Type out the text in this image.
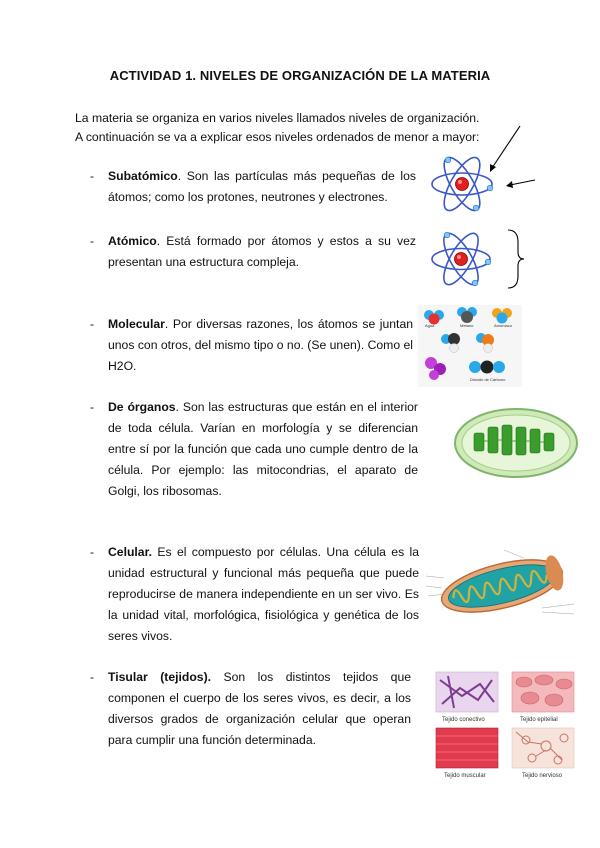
ACTIVIDAD 1. NIVELES DE ORGANIZACIÓN DE LA MATERIA
La materia se organiza en varios niveles llamados niveles de organización.
A continuación se va a explicar esos niveles ordenados de menor a mayor:
- Subatómico. Son las partículas más pequeñas de los átomos; como los protones, neutrones y electrones.
- Atómico. Está formado por átomos y estos a su vez presentan una estructura compleja.
- Molecular. Por diversas razones, los átomos se juntan unos con otros, del mismo tipo o no. (Se unen). Como el H2O.
- De órganos. Son las estructuras que están en el interior de toda célula. Varían en morfología y se diferencian entre sí por la función que cada uno cumple dentro de la célula. Por ejemplo: las mitocondrias, el aparato de Golgi, los ribosomas.
- Celular. Es el compuesto por células. Una célula es la unidad estructural y funcional más pequeña que puede reproducirse de manera independiente en un ser vivo. Es la unidad vital, morfológica, fisiológica y genética de los seres vivos.
- Tisular (tejidos). Son los distintos tejidos que componen el cuerpo de los seres vivos, es decir, a los diversos grados de organización celular que operan para cumplir una función determinada.
Agua	Metano	Amoníaco
Dióxido de Carbono
Tejido conectivo	Tejido epitelial
Tejido muscular	Tejido nervioso
